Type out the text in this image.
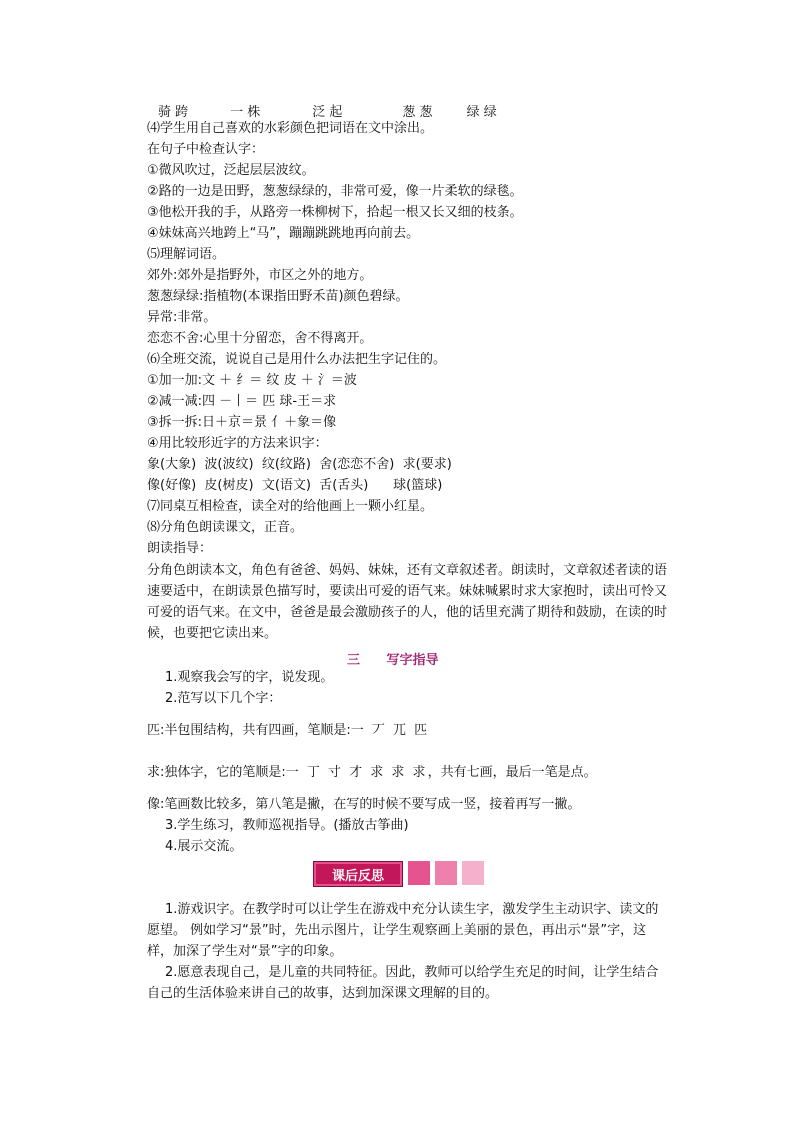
骑 跨	一 株	泛 起	葱 葱	绿 绿
⑷学生用自己喜欢的水彩颜色把词语在文中涂出。
在句子中检查认字：
①微风吹过，泛起层层波纹。
②路的一边是田野，葱葱绿绿的，非常可爱，像一片柔软的绿毯。
③他松开我的手，从路旁一株柳树下，拾起一根又长又细的枝条。
④妹妹高兴地跨上“马”，蹦蹦跳跳地再向前去。
⑸理解词语。
郊外:郊外是指野外，市区之外的地方。
葱葱绿绿:指植物(本课指田野禾苗)颜色碧绿。
异常:非常。
恋恋不舍:心里十分留恋，舍不得离开。
⑹全班交流，说说自己是用什么办法把生字记住的。
①加一加:文 ＋ 纟＝ 纹 皮 ＋ 氵＝波
②减一减:四 －丨＝ 匹 球-王＝求
③拆一拆:日＋京＝景 亻＋象＝像
④用比较形近字的方法来识字：
象(大象)  波(波纹)  纹(纹路)  舍(恋恋不舍)  求(要求)
像(好像)  皮(树皮)  文(语文)  舌(舌头)      球(篮球)
⑺同桌互相检查，读全对的给他画上一颗小红星。
⑻分角色朗读课文，正音。
朗读指导：
分角色朗读本文，角色有爸爸、妈妈、妹妹，还有文章叙述者。朗读时，文章叙述者读的语速要适中，在朗读景色描写时，要读出可爱的语气来。妹妹喊累时求大家抱时，读出可怜又可爱的语气来。在文中，爸爸是最会激励孩子的人，他的话里充满了期待和鼓励，在读的时候，也要把它读出来。
三 写字指导
1.观察我会写的字，说发现。
2.范写以下几个字：
匹:半包围结构，共有四画，笔顺是:一 丆 兀 匹
求:独体字，它的笔顺是:一 丁 寸 才 求 求 求，共有七画，最后一笔是点。
像:笔画数比较多，第八笔是撇，在写的时候不要写成一竖，接着再写一撇。
3.学生练习，教师巡视指导。(播放古筝曲)
4.展示交流。
课后反思
1.游戏识字。在教学时可以让学生在游戏中充分认读生字，激发学生主动识字、读文的愿望。 例如学习“景”时，先出示图片，让学生观察画上美丽的景色，再出示“景”字，这样，加深了学生对“景”字的印象。
2.愿意表现自己，是儿童的共同特征。因此，教师可以给学生充足的时间，让学生结合自己的生活体验来讲自己的故事，达到加深课文理解的目的。
